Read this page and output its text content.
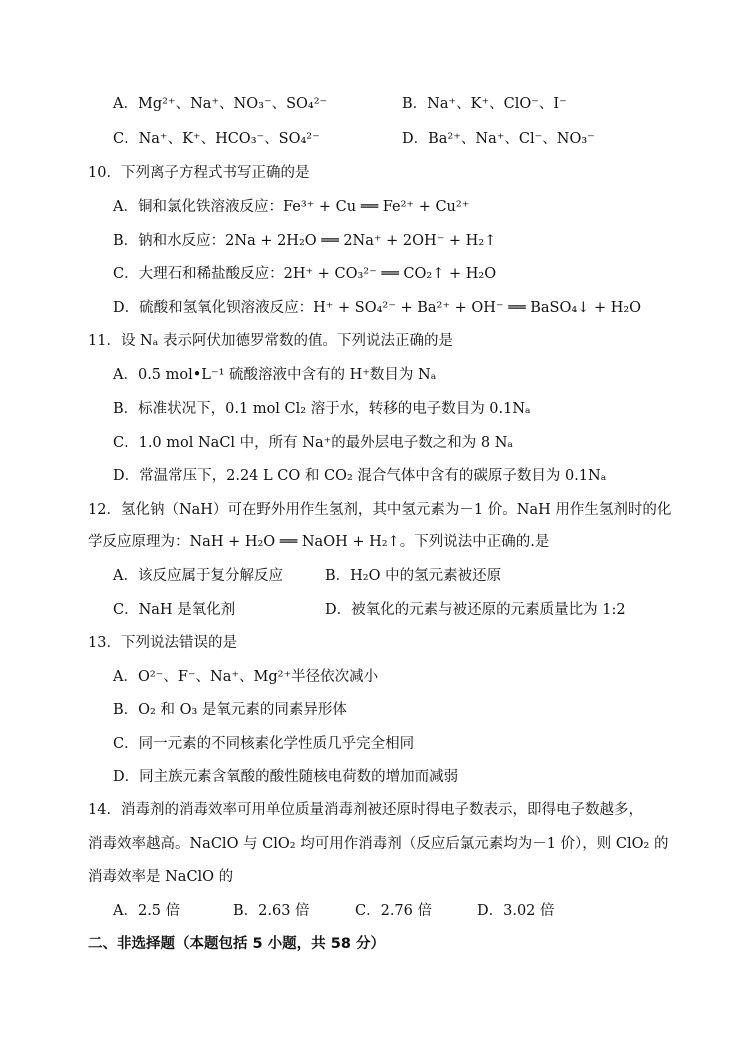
A．Mg²⁺、Na⁺、NO₃⁻、SO₄²⁻	B．Na⁺、K⁺、ClO⁻、I⁻
C．Na⁺、K⁺、HCO₃⁻、SO₄²⁻	D．Ba²⁺、Na⁺、Cl⁻、NO₃⁻
10．下列离子方程式书写正确的是
A．铜和氯化铁溶液反应：Fe³⁺ + Cu ══ Fe²⁺ + Cu²⁺
B．钠和水反应：2Na + 2H₂O ══ 2Na⁺ + 2OH⁻ + H₂↑
C．大理石和稀盐酸反应：2H⁺ + CO₃²⁻ ══ CO₂↑ + H₂O
D．硫酸和氢氧化钡溶液反应：H⁺ + SO₄²⁻ + Ba²⁺ + OH⁻ ══ BaSO₄↓ + H₂O
11．设 Nₐ 表示阿伏加德罗常数的值。下列说法正确的是
A．0.5 mol•L⁻¹ 硫酸溶液中含有的 H⁺数目为 Nₐ
B．标准状况下，0.1 mol Cl₂ 溶于水，转移的电子数目为 0.1Nₐ
C．1.0 mol NaCl 中，所有 Na⁺的最外层电子数之和为 8 Nₐ
D．常温常压下，2.24 L CO 和 CO₂ 混合气体中含有的碳原子数目为 0.1Nₐ
12．氢化钠（NaH）可在野外用作生氢剂，其中氢元素为－1 价。NaH 用作生氢剂时的化
学反应原理为：NaH + H₂O ══ NaOH + H₂↑。下列说法中正确的.是
A．该反应属于复分解反应	B．H₂O 中的氢元素被还原
C．NaH 是氧化剂	D．被氧化的元素与被还原的元素质量比为 1:2
13．下列说法错误的是
A．O²⁻、F⁻、Na⁺、Mg²⁺半径依次减小
B．O₂ 和 O₃ 是氧元素的同素异形体
C．同一元素的不同核素化学性质几乎完全相同
D．同主族元素含氧酸的酸性随核电荷数的增加而减弱
14．消毒剂的消毒效率可用单位质量消毒剂被还原时得电子数表示，即得电子数越多，
消毒效率越高。NaClO 与 ClO₂ 均可用作消毒剂（反应后氯元素均为－1 价），则 ClO₂ 的
消毒效率是 NaClO 的
A．2.5 倍	B．2.63 倍	C．2.76 倍	D．3.02 倍
二、非选择题（本题包括 5 小题，共 58 分）
